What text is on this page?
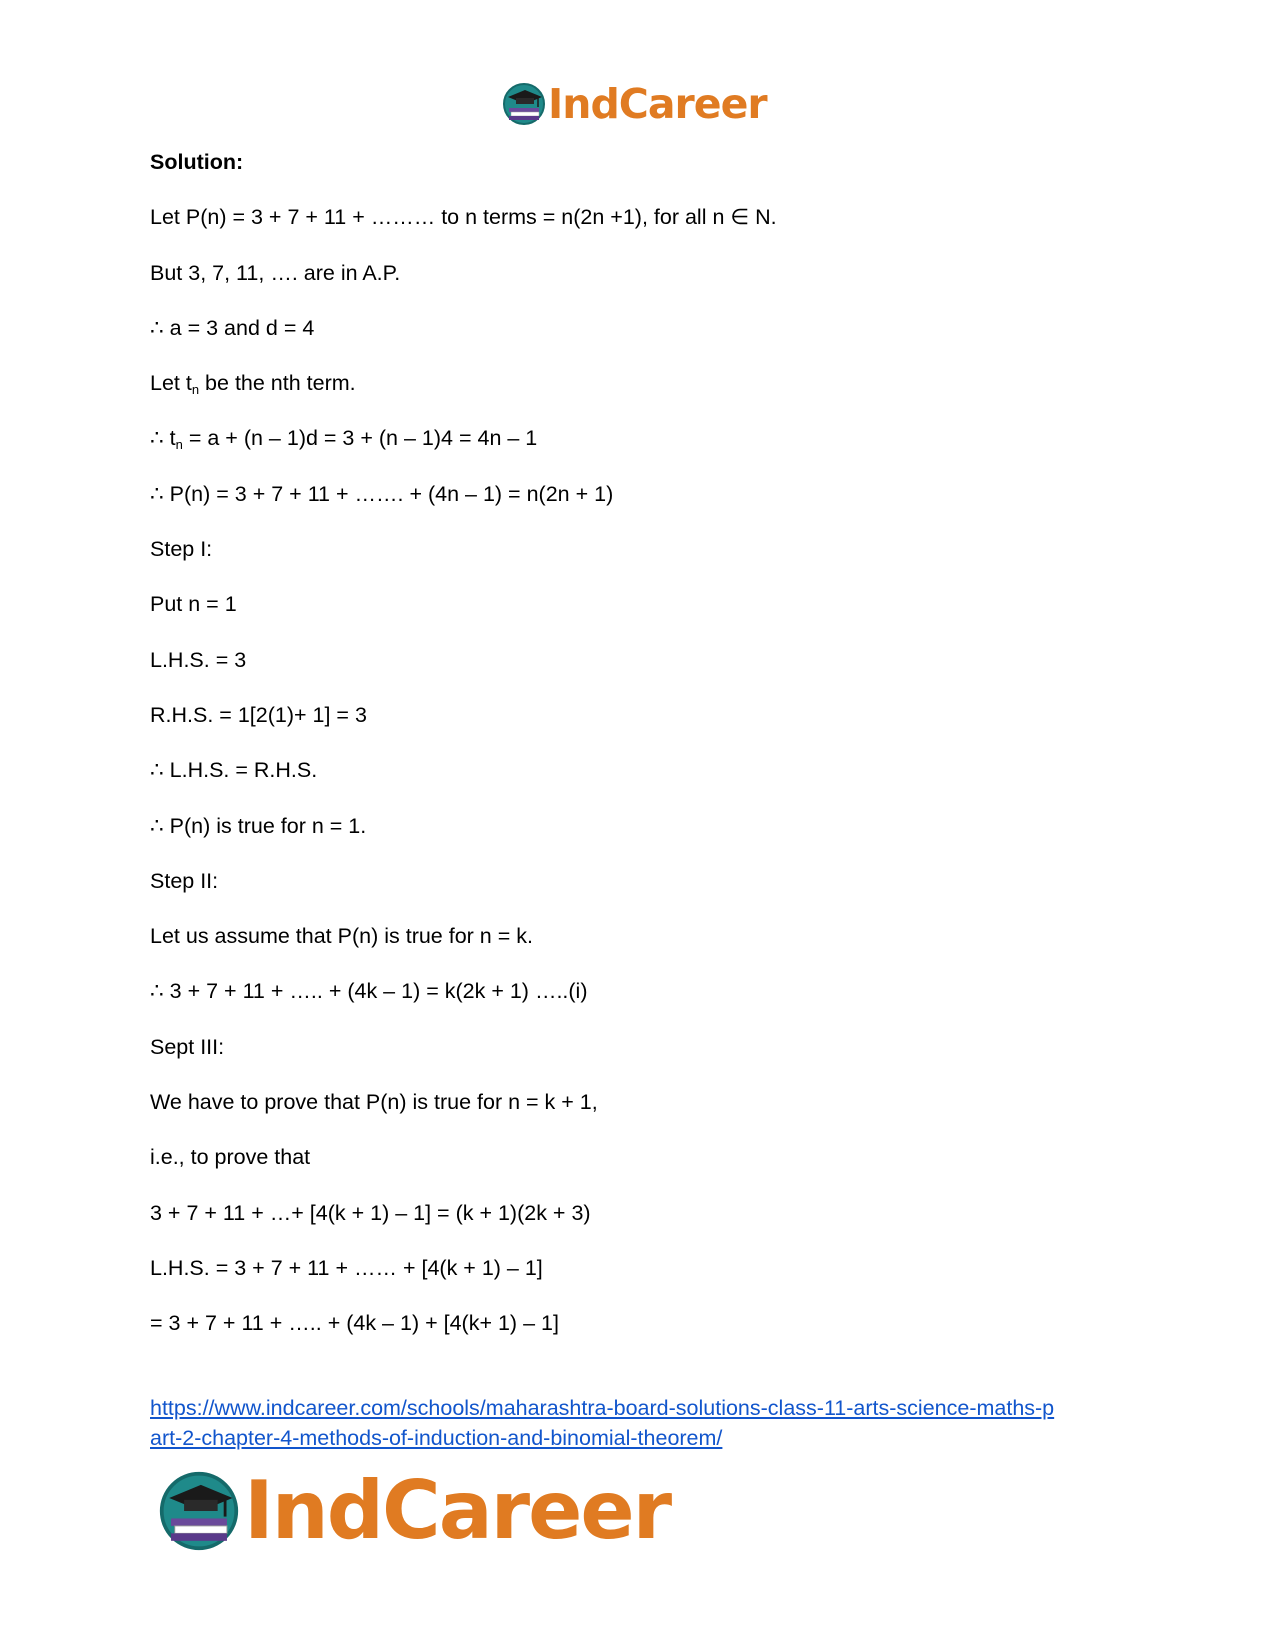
IndCareer
Solution:
Let P(n) = 3 + 7 + 11 + ……… to n terms = n(2n +1), for all n ∈ N.
But 3, 7, 11, …. are in A.P.
∴ a = 3 and d = 4
Let $t_n$ be the nth term.
∴ $t_n = a + (n - 1)d = 3 + (n - 1)4 = 4n - 1$
∴ P(n) = 3 + 7 + 11 + ……. + (4n – 1) = n(2n + 1)
Step I:
Put n = 1
L.H.S. = 3
R.H.S. = 1[2(1)+ 1] = 3
∴ L.H.S. = R.H.S.
∴ P(n) is true for n = 1.
Step II:
Let us assume that P(n) is true for n = k.
∴ 3 + 7 + 11 + ….. + (4k – 1) = k(2k + 1) …..(i)
Sept III:
We have to prove that P(n) is true for n = k + 1,
i.e., to prove that
3 + 7 + 11 + …+ [4(k + 1) – 1] = (k + 1)(2k + 3)
L.H.S. = 3 + 7 + 11 + …… + [4(k + 1) – 1]
= 3 + 7 + 11 + ….. + (4k – 1) + [4(k+ 1) – 1]
https://www.indcareer.com/schools/maharashtra-board-solutions-class-11-arts-science-maths-p
art-2-chapter-4-methods-of-induction-and-binomial-theorem/
IndCareer
